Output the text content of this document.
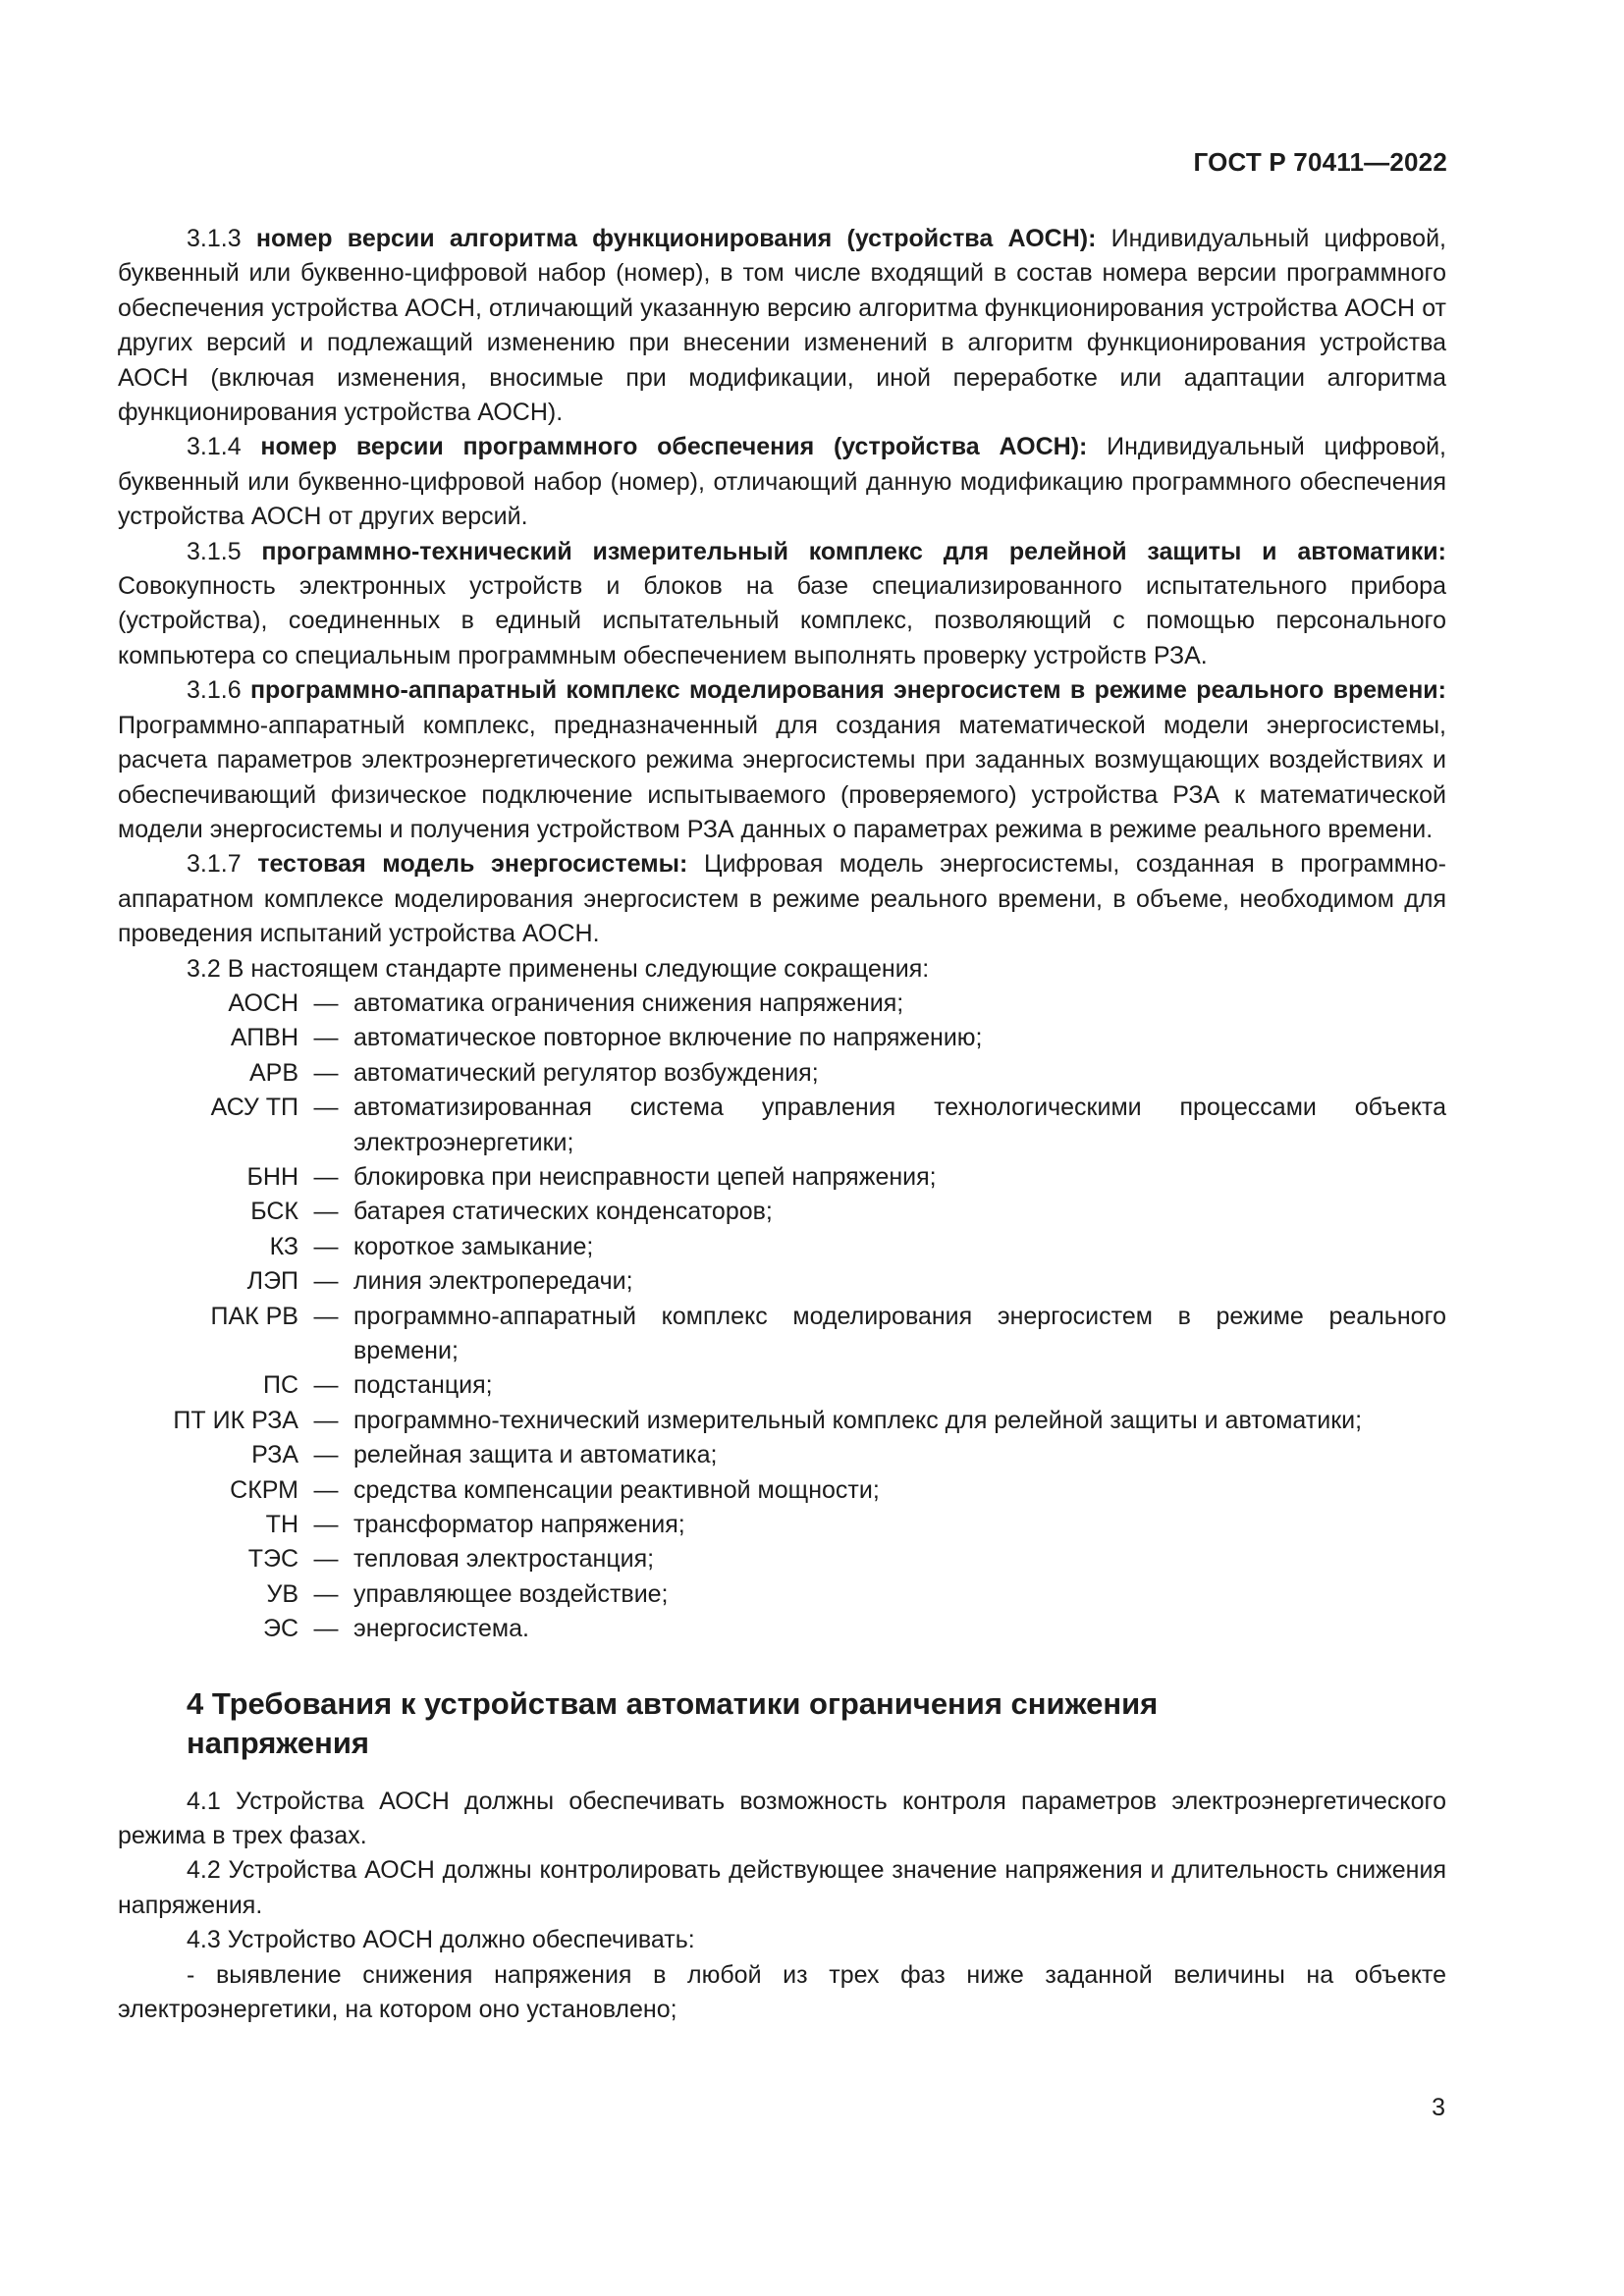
ГОСТ Р 70411—2022

3.1.3 номер версии алгоритма функционирования (устройства АОСН): Индивидуальный цифровой, буквенный или буквенно-цифровой набор (номер), в том числе входящий в состав номера версии программного обеспечения устройства АОСН, отличающий указанную версию алгоритма функционирования устройства АОСН от других версий и подлежащий изменению при внесении изменений в алгоритм функционирования устройства АОСН (включая изменения, вносимые при модификации, иной переработке или адаптации алгоритма функционирования устройства АОСН).

3.1.4 номер версии программного обеспечения (устройства АОСН): Индивидуальный цифровой, буквенный или буквенно-цифровой набор (номер), отличающий данную модификацию программного обеспечения устройства АОСН от других версий.

3.1.5 программно-технический измерительный комплекс для релейной защиты и автоматики: Совокупность электронных устройств и блоков на базе специализированного испытательного прибора (устройства), соединенных в единый испытательный комплекс, позволяющий с помощью персонального компьютера со специальным программным обеспечением выполнять проверку устройств РЗА.

3.1.6 программно-аппаратный комплекс моделирования энергосистем в режиме реального времени: Программно-аппаратный комплекс, предназначенный для создания математической модели энергосистемы, расчета параметров электроэнергетического режима энергосистемы при заданных возмущающих воздействиях и обеспечивающий физическое подключение испытываемого (проверяемого) устройства РЗА к математической модели энергосистемы и получения устройством РЗА данных о параметрах режима в режиме реального времени.

3.1.7 тестовая модель энергосистемы: Цифровая модель энергосистемы, созданная в программно-аппаратном комплексе моделирования энергосистем в режиме реального времени, в объеме, необходимом для проведения испытаний устройства АОСН.

3.2 В настоящем стандарте применены следующие сокращения:

АОСН — автоматика ограничения снижения напряжения;
АПВН — автоматическое повторное включение по напряжению;
АРВ — автоматический регулятор возбуждения;
АСУ ТП — автоматизированная система управления технологическими процессами объекта электроэнергетики;
БНН — блокировка при неисправности цепей напряжения;
БСК — батарея статических конденсаторов;
КЗ — короткое замыкание;
ЛЭП — линия электропередачи;
ПАК РВ — программно-аппаратный комплекс моделирования энергосистем в режиме реального времени;
ПС — подстанция;
ПТ ИК РЗА — программно-технический измерительный комплекс для релейной защиты и автоматики;
РЗА — релейная защита и автоматика;
СКРМ — средства компенсации реактивной мощности;
ТН — трансформатор напряжения;
ТЭС — тепловая электростанция;
УВ — управляющее воздействие;
ЭС — энергосистема.
4 Требования к устройствам автоматики ограничения снижения напряжения

4.1 Устройства АОСН должны обеспечивать возможность контроля параметров электроэнергетического режима в трех фазах.

4.2 Устройства АОСН должны контролировать действующее значение напряжения и длительность снижения напряжения.

4.3 Устройство АОСН должно обеспечивать:

- выявление снижения напряжения в любой из трех фаз ниже заданной величины на объекте электроэнергетики, на котором оно установлено;

3
